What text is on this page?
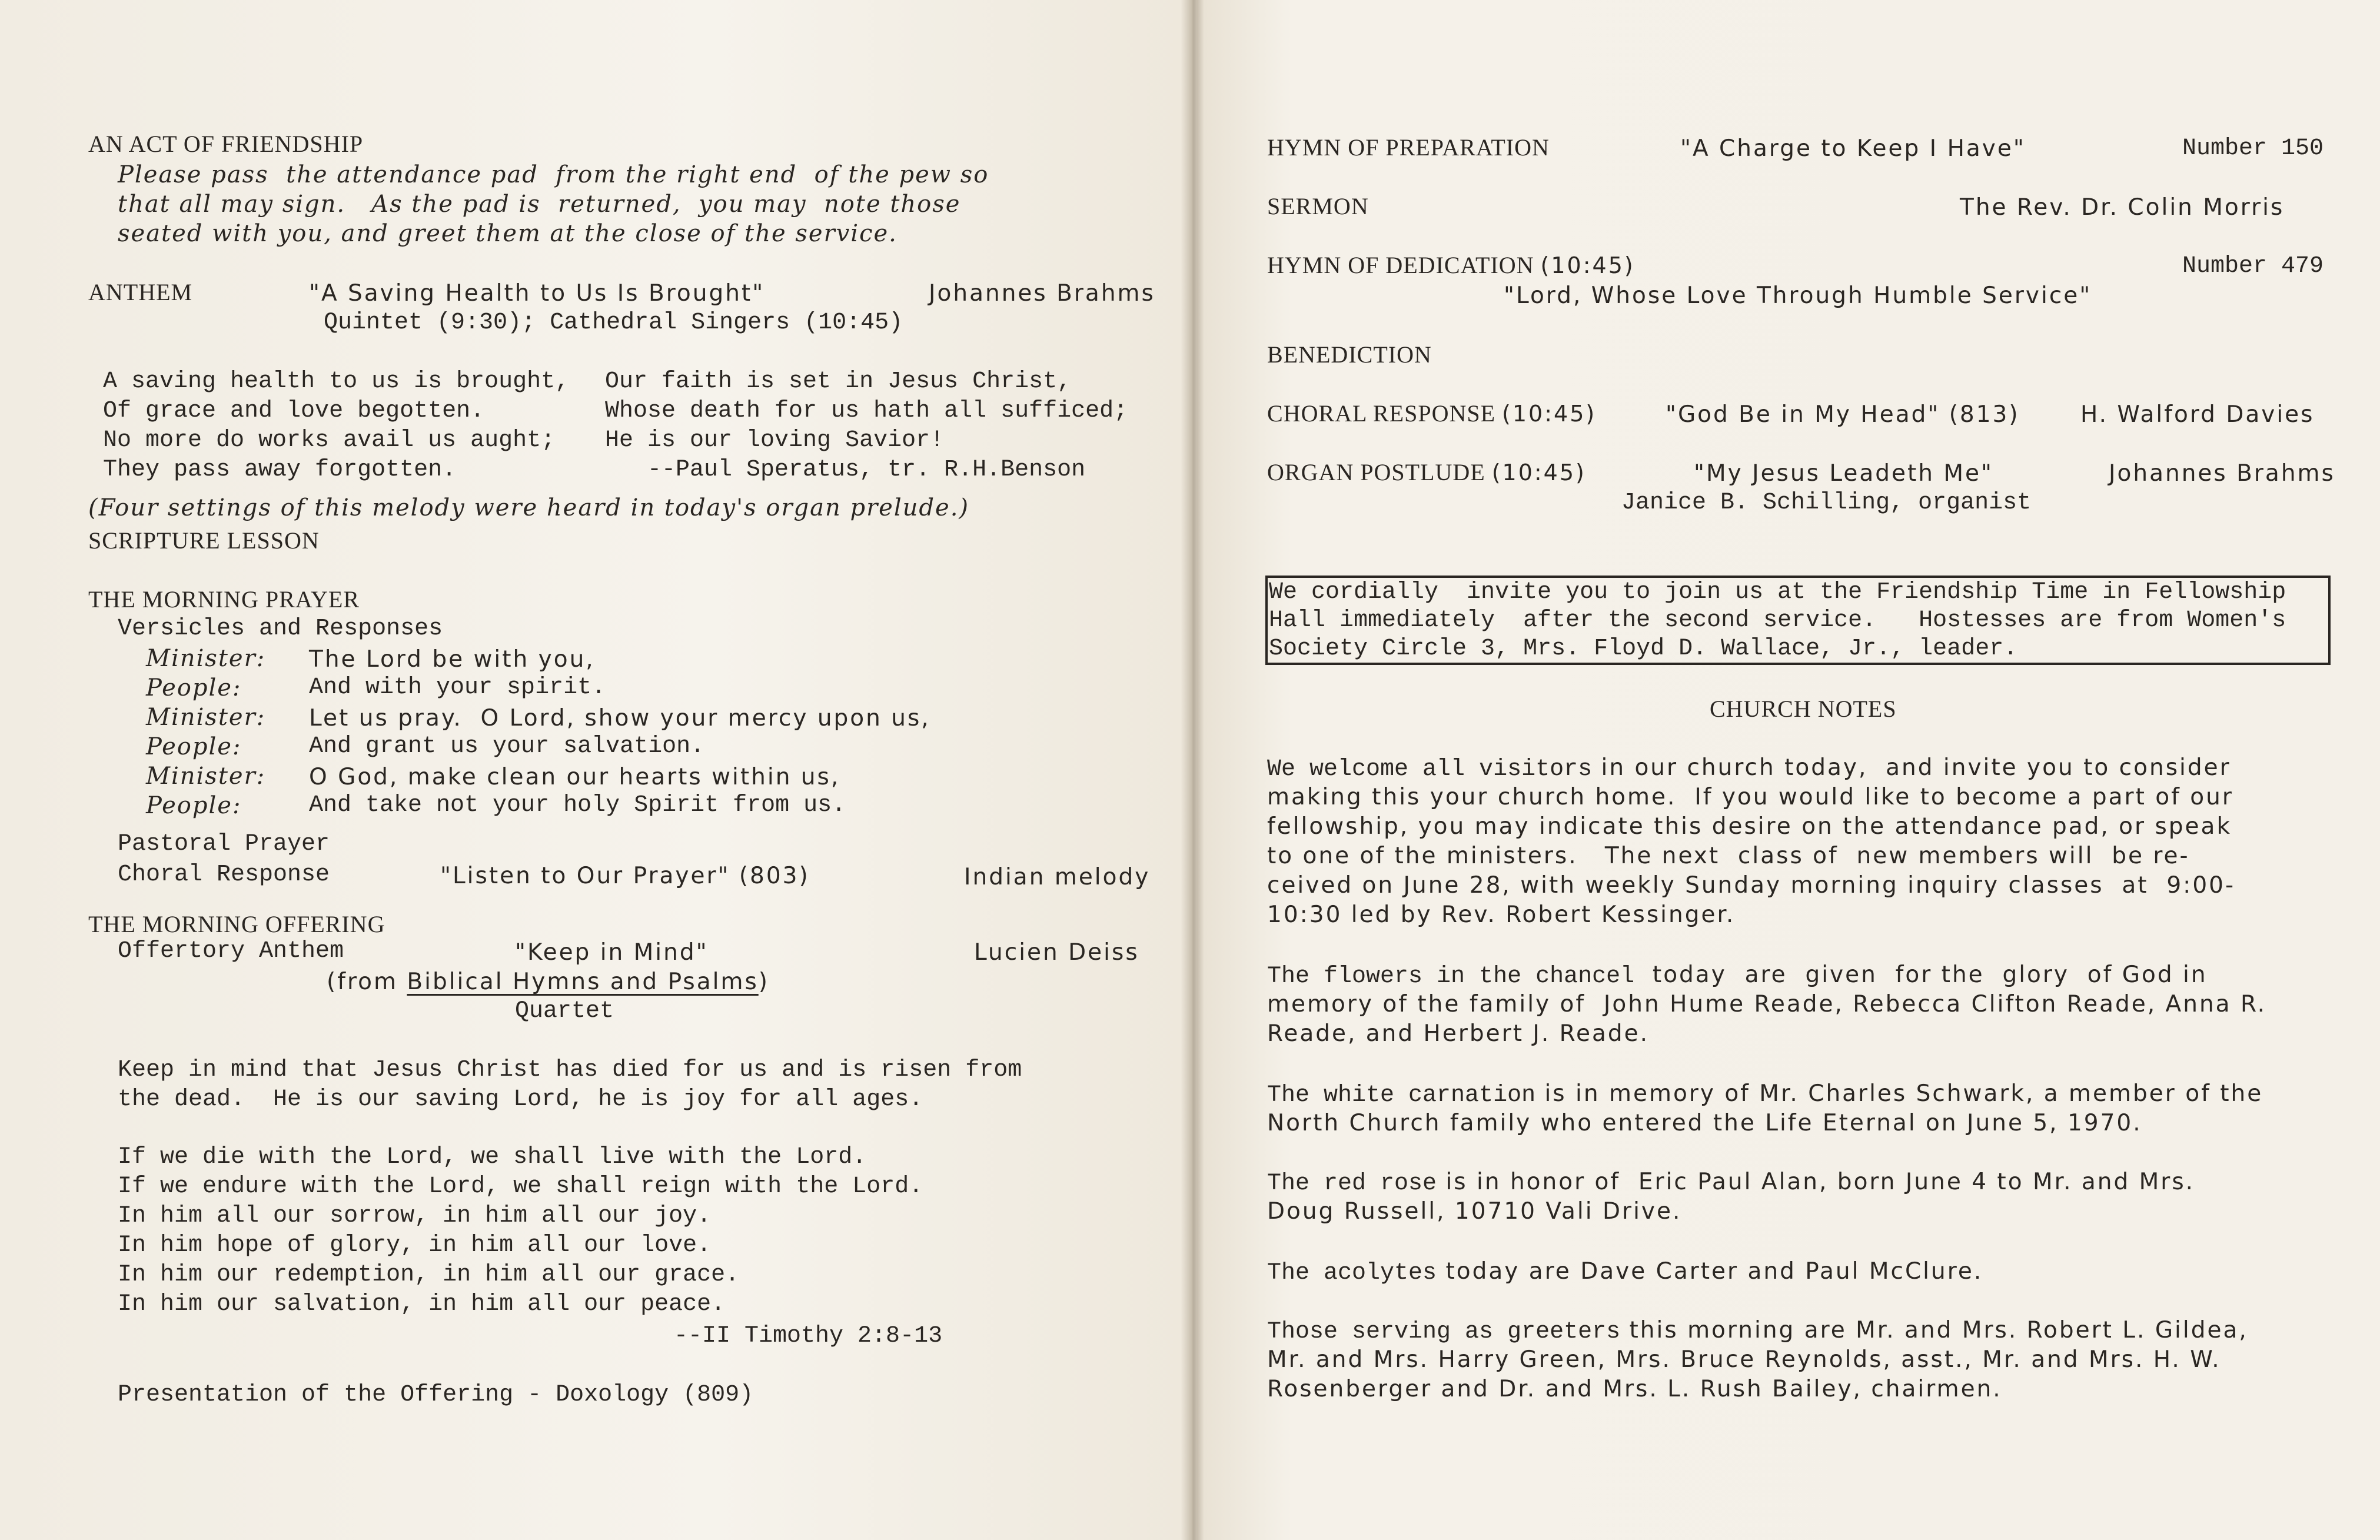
AN ACT OF FRIENDSHIP
Please pass  the attendance pad  from the right end  of the pew so
that all may sign.   As the pad is  returned,  you may  note those
seated with you, and greet them at the close of the service.
ANTHEM	"A Saving Health to Us Is Brought"	Johannes Brahms
Quintet (9:30); Cathedral Singers (10:45)
A saving health to us is brought,
Of grace and love begotten.
No more do works avail us aught;
They pass away forgotten.
Our faith is set in Jesus Christ,
Whose death for us hath all sufficed;
He is our loving Savior!
--Paul Speratus, tr. R.H.Benson
(Four settings of this melody were heard in today's organ prelude.)
SCRIPTURE LESSON
THE MORNING PRAYER
Versicles and Responses
Minister: The Lord be with you,
People:	And with your spirit.
Minister: Let us pray.  O Lord, show your mercy upon us,
People:	And grant us your salvation.
Minister: O God, make clean our hearts within us,
People:	And take not your holy Spirit from us.
Pastoral Prayer
Choral Response	"Listen to Our Prayer" (803)	Indian melody
THE MORNING OFFERING
Offertory Anthem	"Keep in Mind"	Lucien Deiss
(from Biblical Hymns and Psalms)
Quartet
Keep in mind that Jesus Christ has died for us and is risen from
the dead.  He is our saving Lord, he is joy for all ages.
If we die with the Lord, we shall live with the Lord.
If we endure with the Lord, we shall reign with the Lord.
In him all our sorrow, in him all our joy.
In him hope of glory, in him all our love.
In him our redemption, in him all our grace.
In him our salvation, in him all our peace.
--II Timothy 2:8-13
Presentation of the Offering - Doxology (809)
HYMN OF PREPARATION	"A Charge to Keep I Have"	Number 150
SERMON	The Rev. Dr. Colin Morris
HYMN OF DEDICATION (10:45)	Number 479
"Lord, Whose Love Through Humble Service"
BENEDICTION
CHORAL RESPONSE (10:45)	"God Be in My Head" (813)	H. Walford Davies
ORGAN POSTLUDE (10:45)	"My Jesus Leadeth Me"	Johannes Brahms
Janice B. Schilling, organist
We cordially  invite you to join us at the Friendship Time in Fellowship
Hall immediately  after the second service.   Hostesses are from Women's
Society Circle 3, Mrs. Floyd D. Wallace, Jr., leader.
CHURCH NOTES
We welcome all visitors in our church today,  and invite you to consider
making this your church home.  If you would like to become a part of our
fellowship, you may indicate this desire on the attendance pad, or speak
to one of the ministers.   The next  class of  new members will  be re-
ceived on June 28, with weekly Sunday morning inquiry classes  at  9:00-
10:30 led by Rev. Robert Kessinger.
The flowers in the chancel  today  are  given  for the  glory  of God in
memory of the family of  John Hume Reade, Rebecca Clifton Reade, Anna R.
Reade, and Herbert J. Reade.
The white carnation is in memory of Mr. Charles Schwark, a member of the
North Church family who entered the Life Eternal on June 5, 1970.
The red rose is in honor of  Eric Paul Alan, born June 4 to Mr. and Mrs.
Doug Russell, 10710 Vali Drive.
The acolytes today are Dave Carter and Paul McClure.
Those serving as greeters this morning are Mr. and Mrs. Robert L. Gildea,
Mr. and Mrs. Harry Green, Mrs. Bruce Reynolds, asst., Mr. and Mrs. H. W.
Rosenberger and Dr. and Mrs. L. Rush Bailey, chairmen.
